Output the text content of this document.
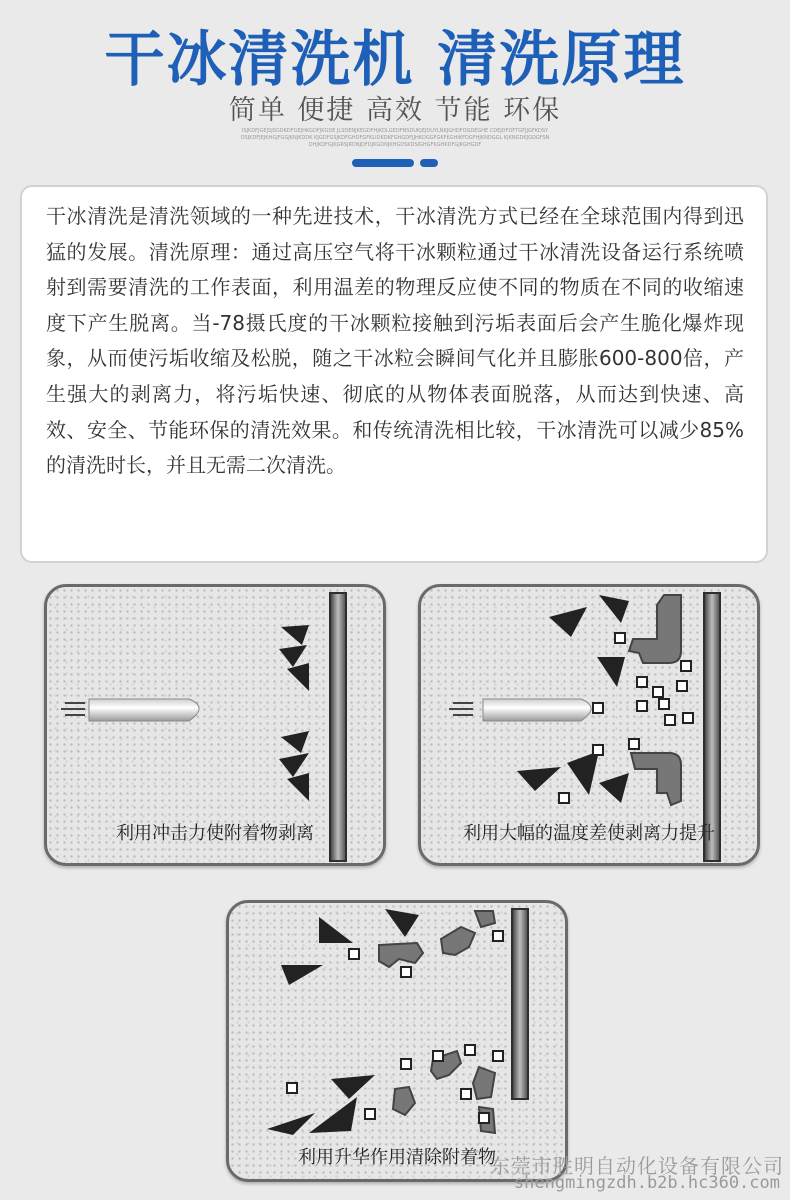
干冰清洗机 清洗原理
简单 便捷 高效 节能 环保
ISJKDFJGEJSJSGDKDFGEJHKGDFJKGDE JLSDENJKEGDFHJKDLGEDFNSDUKJEJDUYLNKJGHDFOGDEGHE CDEJDFOFTGFJJGFKDSY OSJKDFJEJKHGJFGGJKNJKDDK KJGDFGSJKDFGHDFGFKLIDKDKFGHGDFJJHKDGGFGKFKGHIKFDGFHJKNDGGL KJKNGDKJGDGFSNDHJKDFGJKGRSJRDNJDFDJKGDNJKHGDSKDSIGHGFKGHKDFGJKGHGDF

干冰清洗是清洗领域的一种先进技术，干冰清洗方式已经在全球范围内得到迅猛的发展。清洗原理：通过高压空气将干冰颗粒通过干冰清洗设备运行系统喷射到需要清洗的工作表面，利用温差的物理反应使不同的物质在不同的收缩速度下产生脱离。当-78摄氏度的干冰颗粒接触到污垢表面后会产生脆化爆炸现象，从而使污垢收缩及松脱，随之干冰粒会瞬间气化并且膨胀600-800倍，产生强大的剥离力，将污垢快速、彻底的从物体表面脱落，从而达到快速、高效、安全、节能环保的清洗效果。和传统清洗相比较，干冰清洗可以减少85%的清洗时长，并且无需二次清洗。

利用冲击力使附着物剥离	利用大幅的温度差使剥离力提升
利用升华作用清除附着物
东莞市胜明自动化设备有限公司
shengmingzdh.b2b.hc360.com
